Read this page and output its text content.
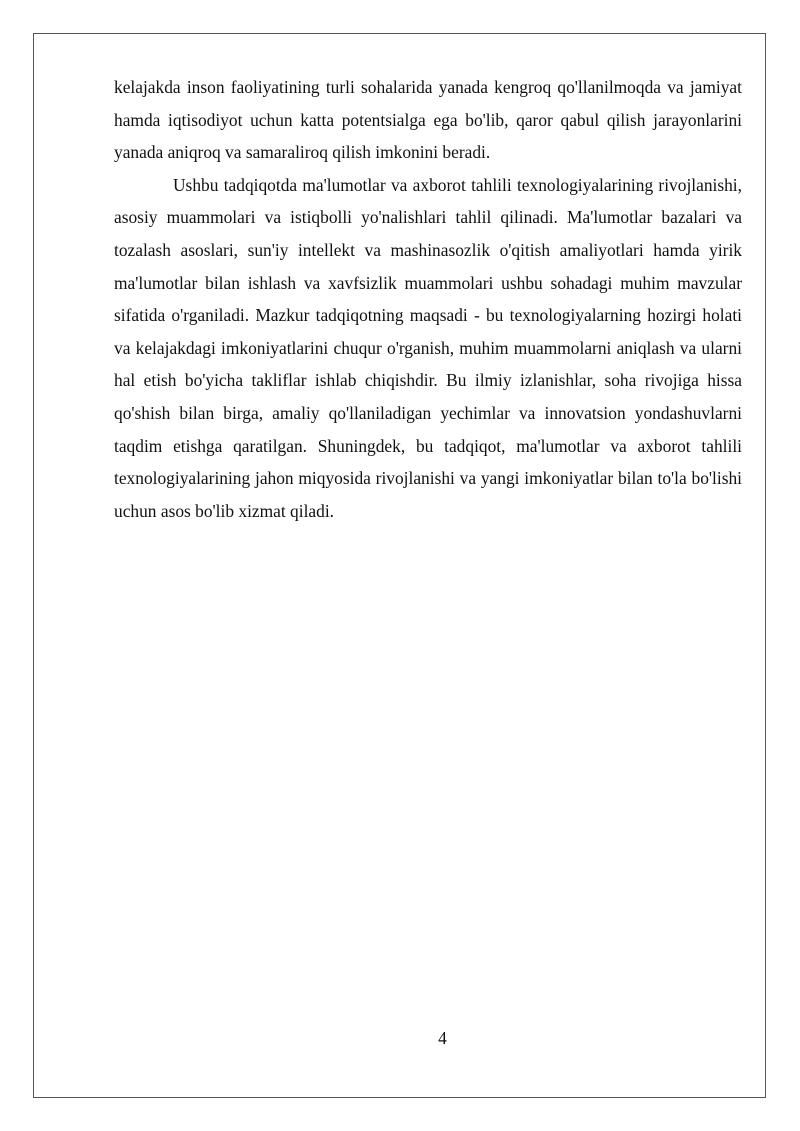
kelajakda inson faoliyatining turli sohalarida yanada kengroq qo'llanilmoqda va jamiyat hamda iqtisodiyot uchun katta potentsialga ega bo'lib, qaror qabul qilish jarayonlarini yanada aniqroq va samaraliroq qilish imkonini beradi.

Ushbu tadqiqotda ma'lumotlar va axborot tahlili texnologiyalarining rivojlanishi, asosiy muammolari va istiqbolli yo'nalishlari tahlil qilinadi. Ma'lumotlar bazalari va tozalash asoslari, sun'iy intellekt va mashinasozlik o'qitish amaliyotlari hamda yirik ma'lumotlar bilan ishlash va xavfsizlik muammolari ushbu sohadagi muhim mavzular sifatida o'rganiladi. Mazkur tadqiqotning maqsadi - bu texnologiyalarning hozirgi holati va kelajakdagi imkoniyatlarini chuqur o'rganish, muhim muammolarni aniqlash va ularni hal etish bo'yicha takliflar ishlab chiqishdir. Bu ilmiy izlanishlar, soha rivojiga hissa qo'shish bilan birga, amaliy qo'llaniladigan yechimlar va innovatsion yondashuvlarni taqdim etishga qaratilgan. Shuningdek, bu tadqiqot, ma'lumotlar va axborot tahlili texnologiyalarining jahon miqyosida rivojlanishi va yangi imkoniyatlar bilan to'la bo'lishi uchun asos bo'lib xizmat qiladi.

4
